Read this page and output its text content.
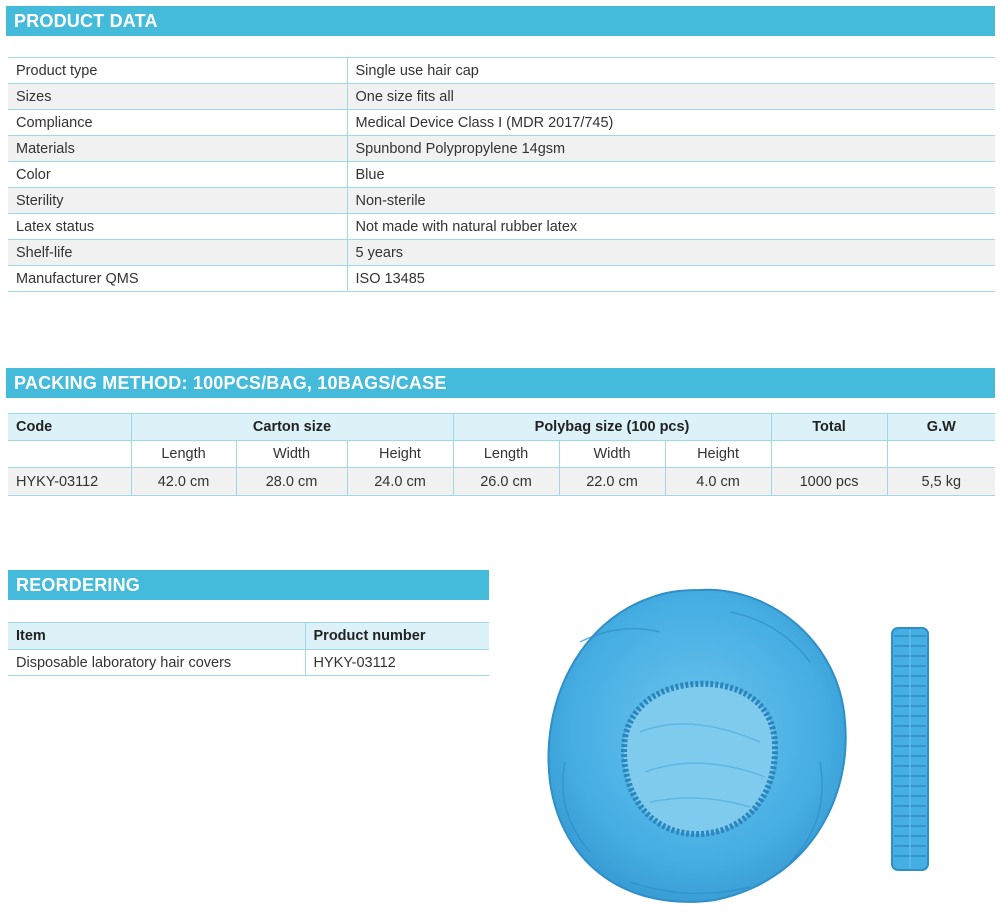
PRODUCT DATA
Product type	Single use hair cap
Sizes	One size fits all
Compliance	Medical Device Class I (MDR 2017/745)
Materials	Spunbond Polypropylene 14gsm
Color	Blue
Sterility	Non-sterile
Latex status	Not made with natural rubber latex
Shelf-life	5 years
Manufacturer QMS	ISO 13485
PACKING METHOD: 100PCS/BAG, 10BAGS/CASE
Code	Carton size			Polybag size (100 pcs)			Total	G.W
	Length	Width	Height	Length	Width	Height		
HYKY-03112	42.0 cm	28.0 cm	24.0 cm	26.0 cm	22.0 cm	4.0 cm	1000 pcs	5,5 kg
REORDERING
Item	Product number
Disposable laboratory hair covers	HYKY-03112
